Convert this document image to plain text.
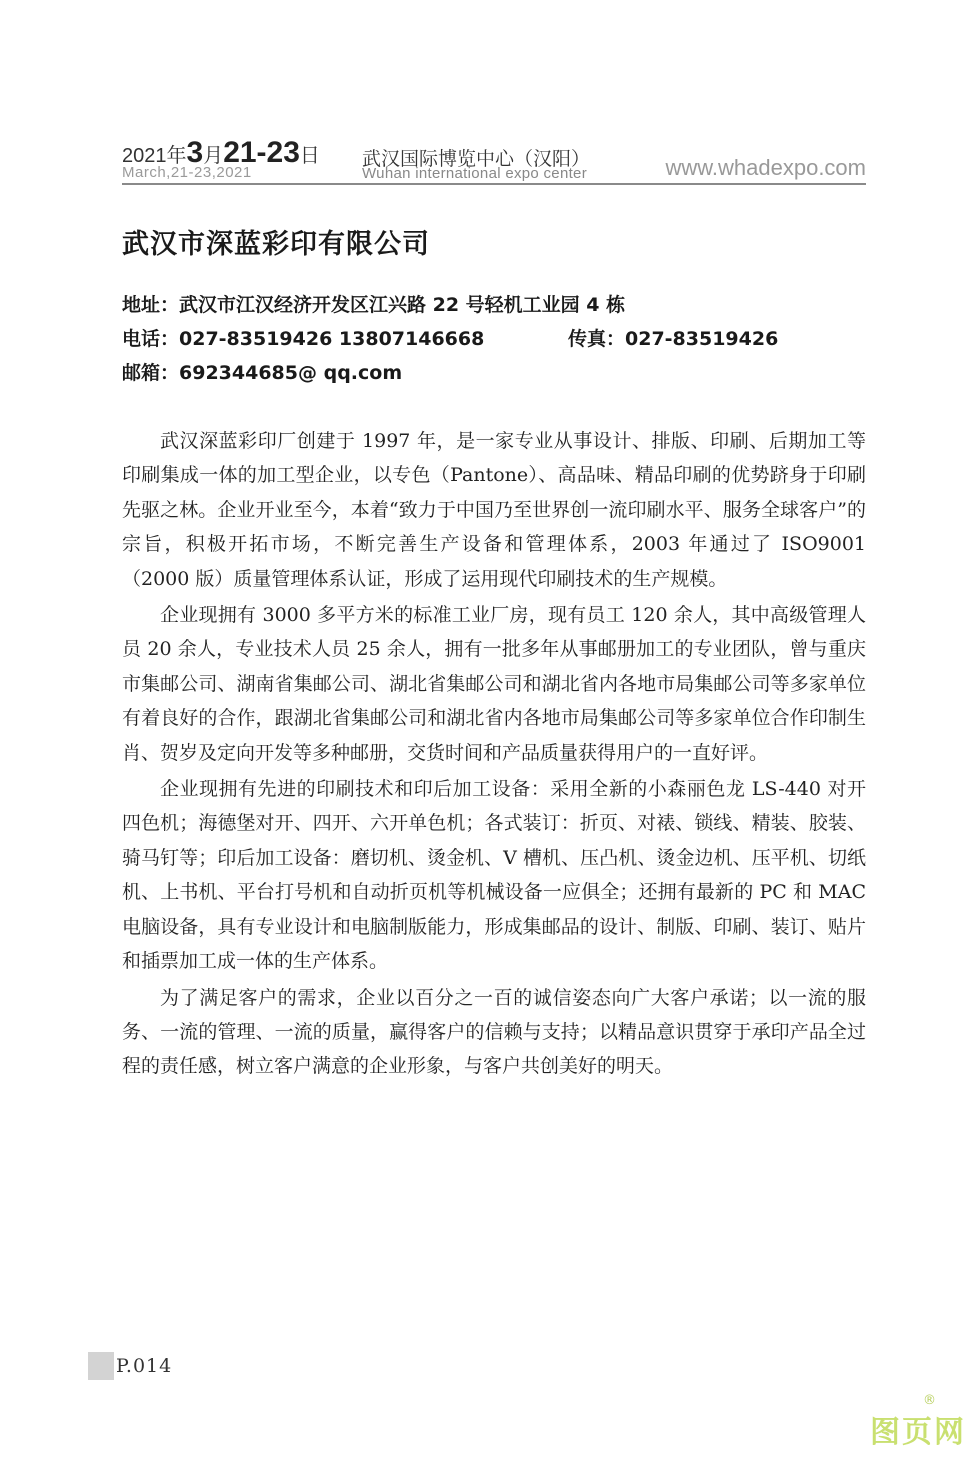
2021年3月21-23日
March,21-23,2021
武汉国际博览中心（汉阳）
Wuhan international expo center	www.whadexpo.com
武汉市深蓝彩印有限公司
地址：武汉市江汉经济开发区江兴路 22 号轻机工业园 4 栋
电话：027-83519426 13807146668	传真：027-83519426
邮箱：692344685@ qq.com

武汉深蓝彩印厂创建于 1997 年，是一家专业从事设计、排版、印刷、后期加工等印刷集成一体的加工型企业，以专色（Pantone）、高品味、精品印刷的优势跻身于印刷先驱之林。企业开业至今，本着“致力于中国乃至世界创一流印刷水平、服务全球客户”的宗旨，积极开拓市场，不断完善生产设备和管理体系，2003 年通过了 ISO9001（2000 版）质量管理体系认证，形成了运用现代印刷技术的生产规模。

企业现拥有 3000 多平方米的标准工业厂房，现有员工 120 余人，其中高级管理人员 20 余人，专业技术人员 25 余人，拥有一批多年从事邮册加工的专业团队，曾与重庆市集邮公司、湖南省集邮公司、湖北省集邮公司和湖北省内各地市局集邮公司等多家单位有着良好的合作，跟湖北省集邮公司和湖北省内各地市局集邮公司等多家单位合作印制生肖、贺岁及定向开发等多种邮册，交货时间和产品质量获得用户的一直好评。

企业现拥有先进的印刷技术和印后加工设备：采用全新的小森丽色龙 LS-440 对开四色机；海德堡对开、四开、六开单色机；各式装订：折页、对裱、锁线、精装、胶装、骑马钉等；印后加工设备：磨切机、烫金机、V 槽机、压凸机、烫金边机、压平机、切纸机、上书机、平台打号机和自动折页机等机械设备一应俱全；还拥有最新的 PC 和 MAC 电脑设备，具有专业设计和电脑制版能力，形成集邮品的设计、制版、印刷、装订、贴片和插票加工成一体的生产体系。

为了满足客户的需求，企业以百分之一百的诚信姿态向广大客户承诺；以一流的服务、一流的管理、一流的质量，赢得客户的信赖与支持；以精品意识贯穿于承印产品全过程的责任感，树立客户满意的企业形象，与客户共创美好的明天。

P.014
图页网
®
